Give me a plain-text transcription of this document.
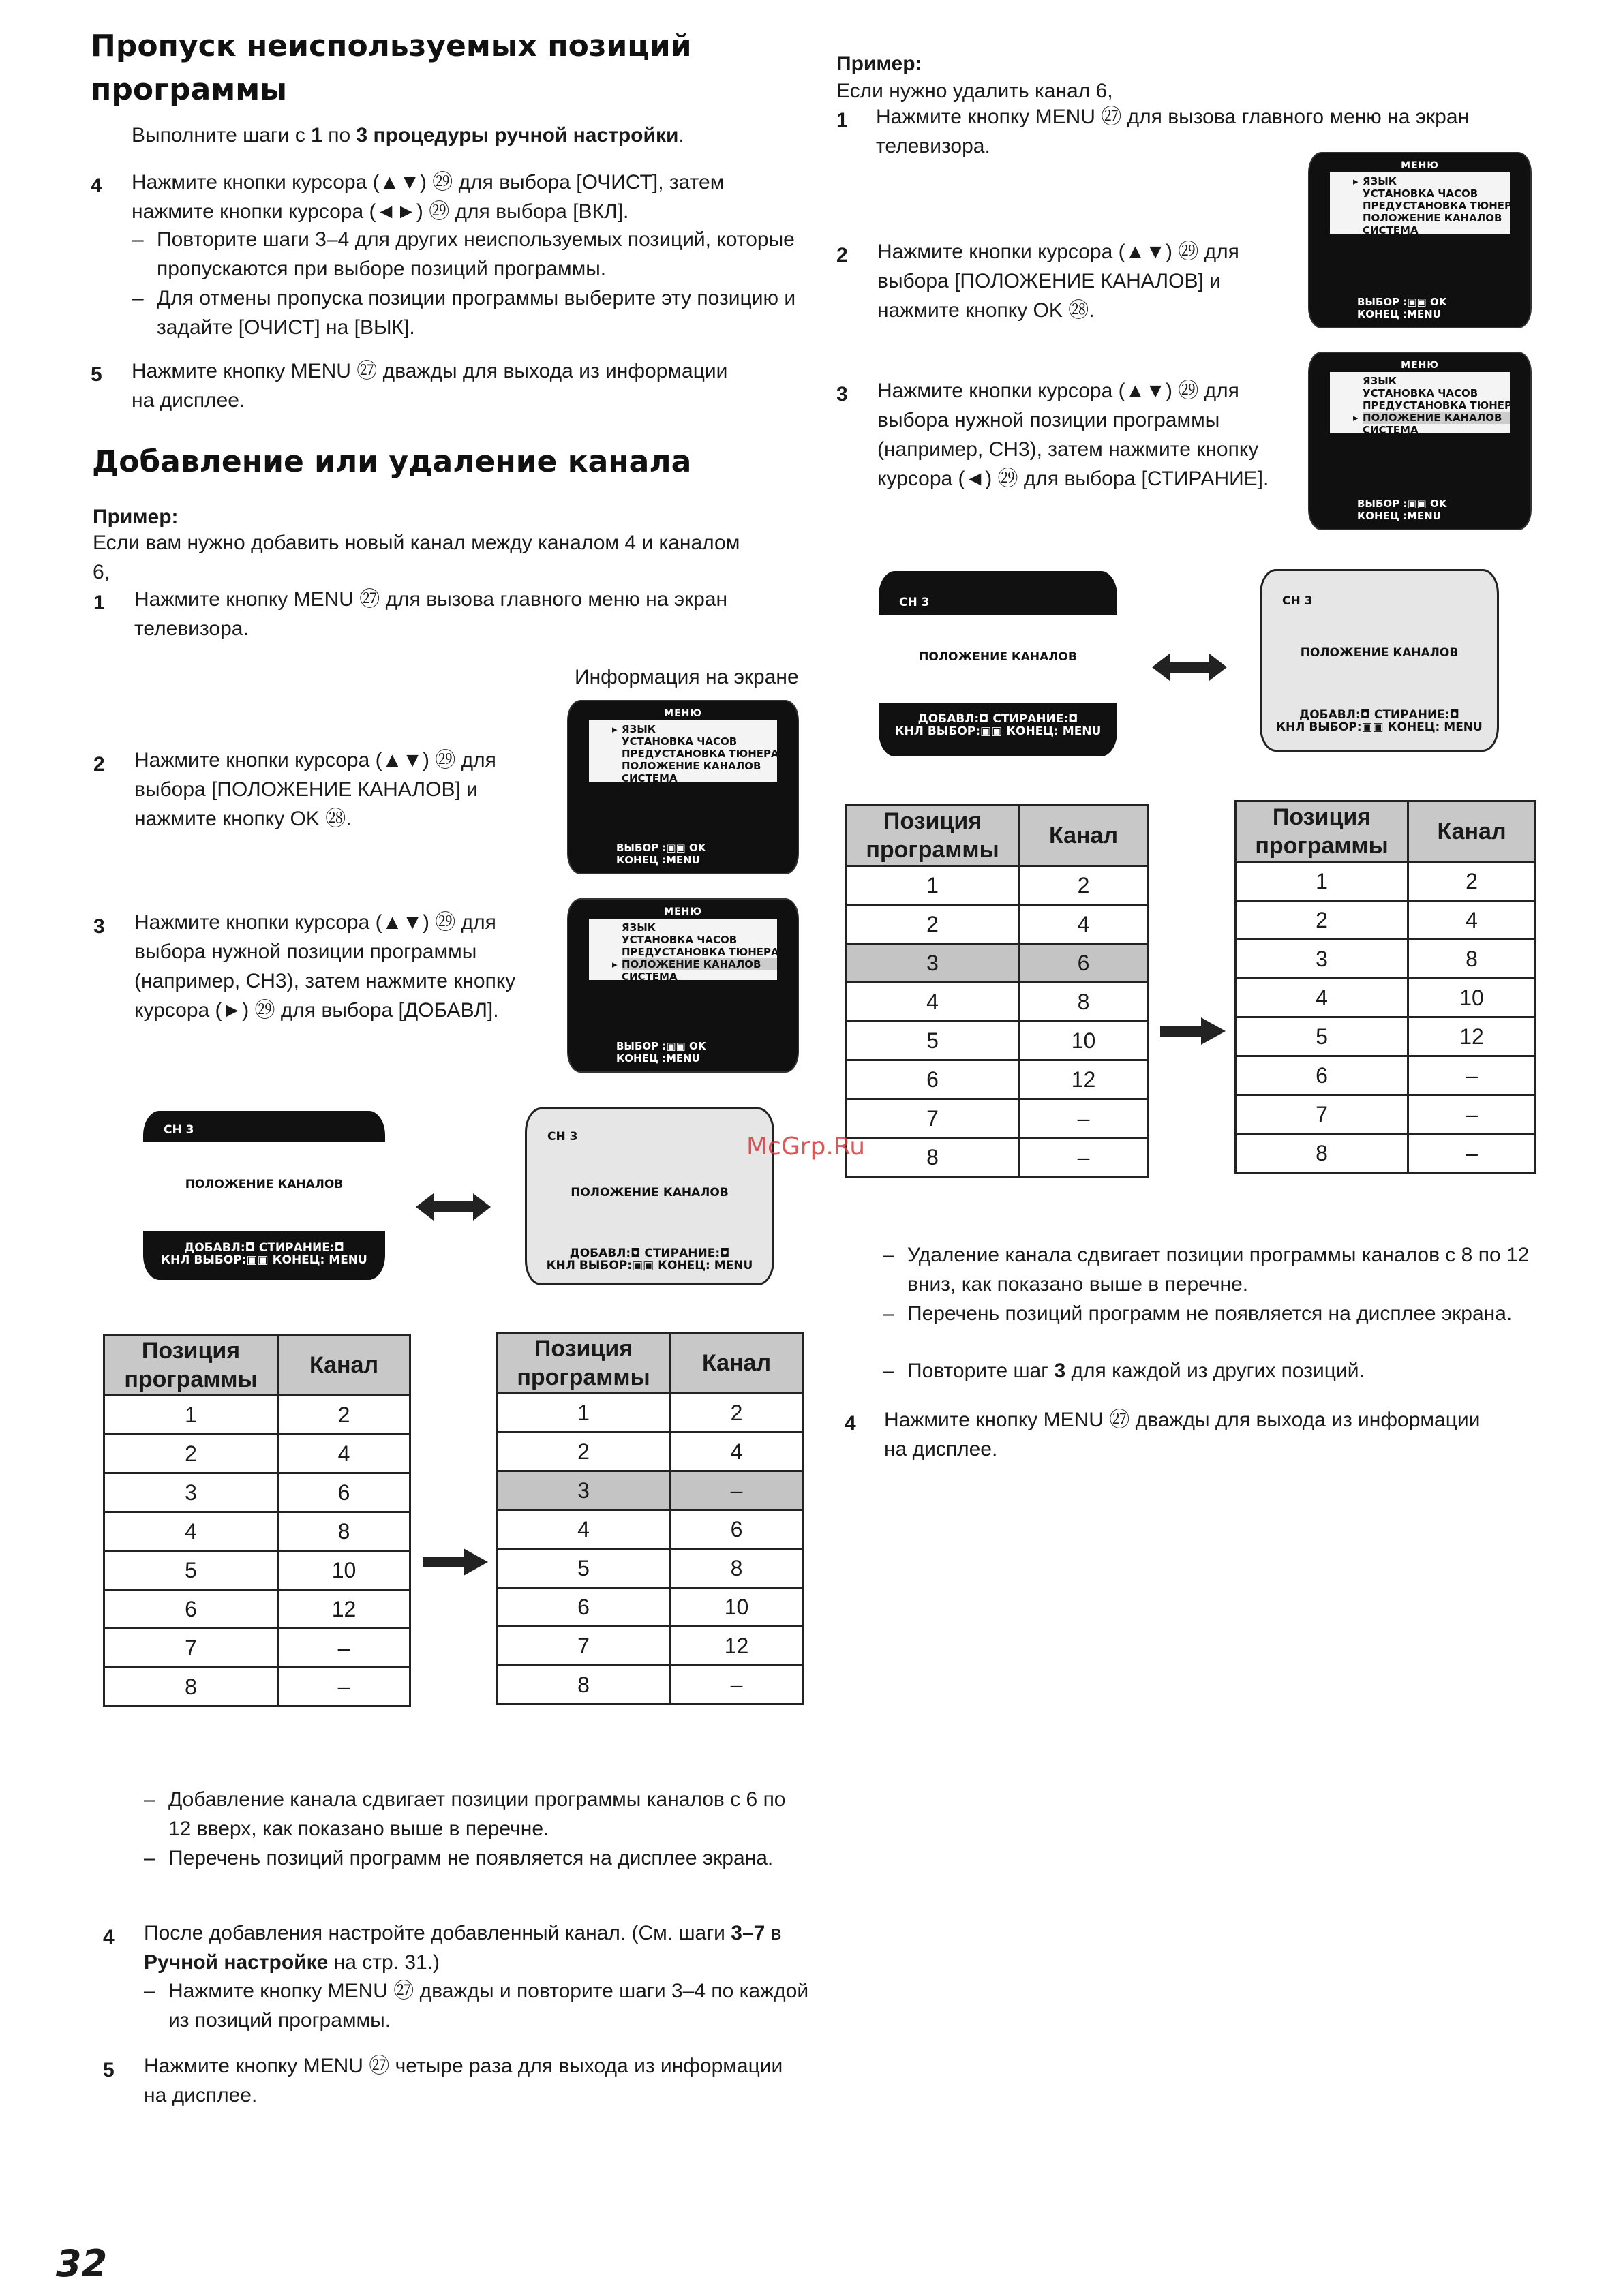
Пропуск неиспользуемых позиций программы
Выполните шаги с 1 по 3 процедуры ручной настройки.
4 Нажмите кнопки курсора (▲▼) ㉙ для выбора [ОЧИСТ], затем нажмите кнопки курсора (◄►) ㉙ для выбора [ВКЛ].
– Повторите шаги 3–4 для других неиспользуемых позиций, которые пропускаются при выборе позиций программы.
– Для отмены пропуска позиции программы выберите эту позицию и задайте [ОЧИСТ] на [ВЫК].
5 Нажмите кнопку MENU ㉗ дважды для выхода из информации на дисплее.
Добавление или удаление канала
Пример:
Если вам нужно добавить новый канал между каналом 4 и каналом 6,
1 Нажмите кнопку MENU ㉗ для вызова главного меню на экран телевизора.
Информация на экране
2 Нажмите кнопки курсора (▲▼) ㉙ для выбора [ПОЛОЖЕНИЕ КАНАЛОВ] и нажмите кнопку OK ㉘.
3 Нажмите кнопки курсора (▲▼) ㉙ для выбора нужной позиции программы (например, CH3), затем нажмите кнопку курсора (►) ㉙ для выбора [ДОБАВЛ].
МЕНЮ
▸ ЯЗЫК
УСТАНОВКА ЧАСОВ
ПРЕДУСТАНОВКА ТЮНЕРА
ПОЛОЖЕНИЕ КАНАЛОВ
СИСТЕМА
ОПЦИЯ
ВЫБОР :▣▣ OK
КОНЕЦ :MENU
МЕНЮ
ЯЗЫК
УСТАНОВКА ЧАСОВ
ПРЕДУСТАНОВКА ТЮНЕРА
▸ ПОЛОЖЕНИЕ КАНАЛОВ
СИСТЕМА
ОПЦИЯ
ВЫБОР :▣▣ OK
КОНЕЦ :MENU
CH 3
ПОЛОЖЕНИЕ КАНАЛОВ
ДОБАВЛ:◘ СТИРАНИЕ:◘
КНЛ ВЫБОР:▣▣ КОНЕЦ: MENU
CH 3
ПОЛОЖЕНИЕ КАНАЛОВ
ДОБАВЛ:◘ СТИРАНИЕ:◘
КНЛ ВЫБОР:▣▣ КОНЕЦ: MENU
Позиция программы	Канал
1	2
2	4
3	6
4	8
5	10
6	12
7	–
8	–
Позиция программы	Канал
1	2
2	4
3	–
4	6
5	8
6	10
7	12
8	–
– Добавление канала сдвигает позиции программы каналов с 6 по 12 вверх, как показано выше в перечне.
– Перечень позиций программ не появляется на дисплее экрана.
4 После добавления настройте добавленный канал. (См. шаги 3–7 в Ручной настройке на стр. 31.)
– Нажмите кнопку MENU ㉗ дважды и повторите шаги 3–4 по каждой из позиций программы.
5 Нажмите кнопку MENU ㉗ четыре раза для выхода из информации на дисплее.
Пример:
Если нужно удалить канал 6,
1 Нажмите кнопку MENU ㉗ для вызова главного меню на экран телевизора.
2 Нажмите кнопки курсора (▲▼) ㉙ для выбора [ПОЛОЖЕНИЕ КАНАЛОВ] и нажмите кнопку OK ㉘.
3 Нажмите кнопки курсора (▲▼) ㉙ для выбора нужной позиции программы (например, CH3), затем нажмите кнопку курсора (◄) ㉙ для выбора [СТИРАНИЕ].
МЕНЮ
▸ ЯЗЫК
УСТАНОВКА ЧАСОВ
ПРЕДУСТАНОВКА ТЮНЕРА
ПОЛОЖЕНИЕ КАНАЛОВ
СИСТЕМА
ОПЦИЯ
ВЫБОР :▣▣ OK
КОНЕЦ :MENU
МЕНЮ
ЯЗЫК
УСТАНОВКА ЧАСОВ
ПРЕДУСТАНОВКА ТЮНЕРА
▸ ПОЛОЖЕНИЕ КАНАЛОВ
СИСТЕМА
ОПЦИЯ
ВЫБОР :▣▣ OK
КОНЕЦ :MENU
CH 3
ПОЛОЖЕНИЕ КАНАЛОВ
ДОБАВЛ:◘ СТИРАНИЕ:◘
КНЛ ВЫБОР:▣▣ КОНЕЦ: MENU
CH 3
ПОЛОЖЕНИЕ КАНАЛОВ
ДОБАВЛ:◘ СТИРАНИЕ:◘
КНЛ ВЫБОР:▣▣ КОНЕЦ: MENU
Позиция программы	Канал
1	2
2	4
3	6
4	8
5	10
6	12
7	–
8	–
Позиция программы	Канал
1	2
2	4
3	8
4	10
5	12
6	–
7	–
8	–
– Удаление канала сдвигает позиции программы каналов с 8 по 12 вниз, как показано выше в перечне.
– Перечень позиций программ не появляется на дисплее экрана.
– Повторите шаг 3 для каждой из других позиций.
4 Нажмите кнопку MENU ㉗ дважды для выхода из информации на дисплее.
McGrp.Ru
32
